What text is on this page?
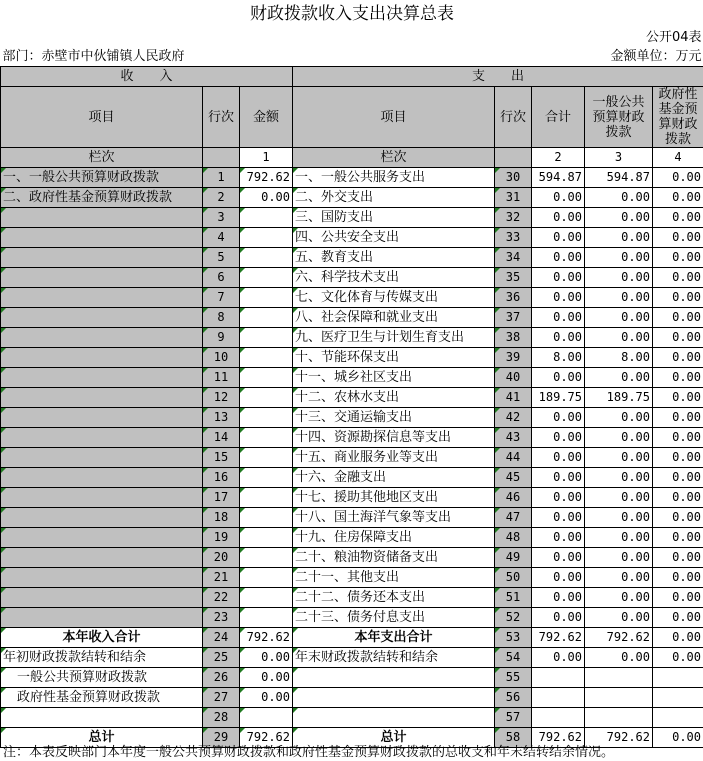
财政拨款收入支出决算总表							
						公开04表	
部门：赤壁市中伙铺镇人民政府				金额单位：万元			
收　　入			支　　出				
项目	行次	金额	项目	行次	合计	一般公共预算财政拨款	政府性基金预算财政拨款
栏次		1	栏次		2	3	4
一、一般公共预算财政拨款	1	792.62	一、一般公共服务支出	30	594.87	594.87	0.00
二、政府性基金预算财政拨款	2	0.00	二、外交支出	31	0.00	0.00	0.00
	3		三、国防支出	32	0.00	0.00	0.00
	4		四、公共安全支出	33	0.00	0.00	0.00
	5		五、教育支出	34	0.00	0.00	0.00
	6		六、科学技术支出	35	0.00	0.00	0.00
	7		七、文化体育与传媒支出	36	0.00	0.00	0.00
	8		八、社会保障和就业支出	37	0.00	0.00	0.00
	9		九、医疗卫生与计划生育支出	38	0.00	0.00	0.00
	10		十、节能环保支出	39	8.00	8.00	0.00
	11		十一、城乡社区支出	40	0.00	0.00	0.00
	12		十二、农林水支出	41	189.75	189.75	0.00
	13		十三、交通运输支出	42	0.00	0.00	0.00
	14		十四、资源勘探信息等支出	43	0.00	0.00	0.00
	15		十五、商业服务业等支出	44	0.00	0.00	0.00
	16		十六、金融支出	45	0.00	0.00	0.00
	17		十七、援助其他地区支出	46	0.00	0.00	0.00
	18		十八、国土海洋气象等支出	47	0.00	0.00	0.00
	19		十九、住房保障支出	48	0.00	0.00	0.00
	20		二十、粮油物资储备支出	49	0.00	0.00	0.00
	21		二十一、其他支出	50	0.00	0.00	0.00
	22		二十二、债务还本支出	51	0.00	0.00	0.00
	23		二十三、债务付息支出	52	0.00	0.00	0.00
本年收入合计	24	792.62	本年支出合计	53	792.62	792.62	0.00
年初财政拨款结转和结余	25	0.00	年末财政拨款结转和结余	54	0.00	0.00	0.00
一般公共预算财政拨款	26	0.00		55			
政府性基金预算财政拨款	27	0.00		56			
	28			57			
总计	29	792.62	总计	58	792.62	792.62	0.00
注：本表反映部门本年度一般公共预算财政拨款和政府性基金预算财政拨款的总收支和年末结转结余情况。
